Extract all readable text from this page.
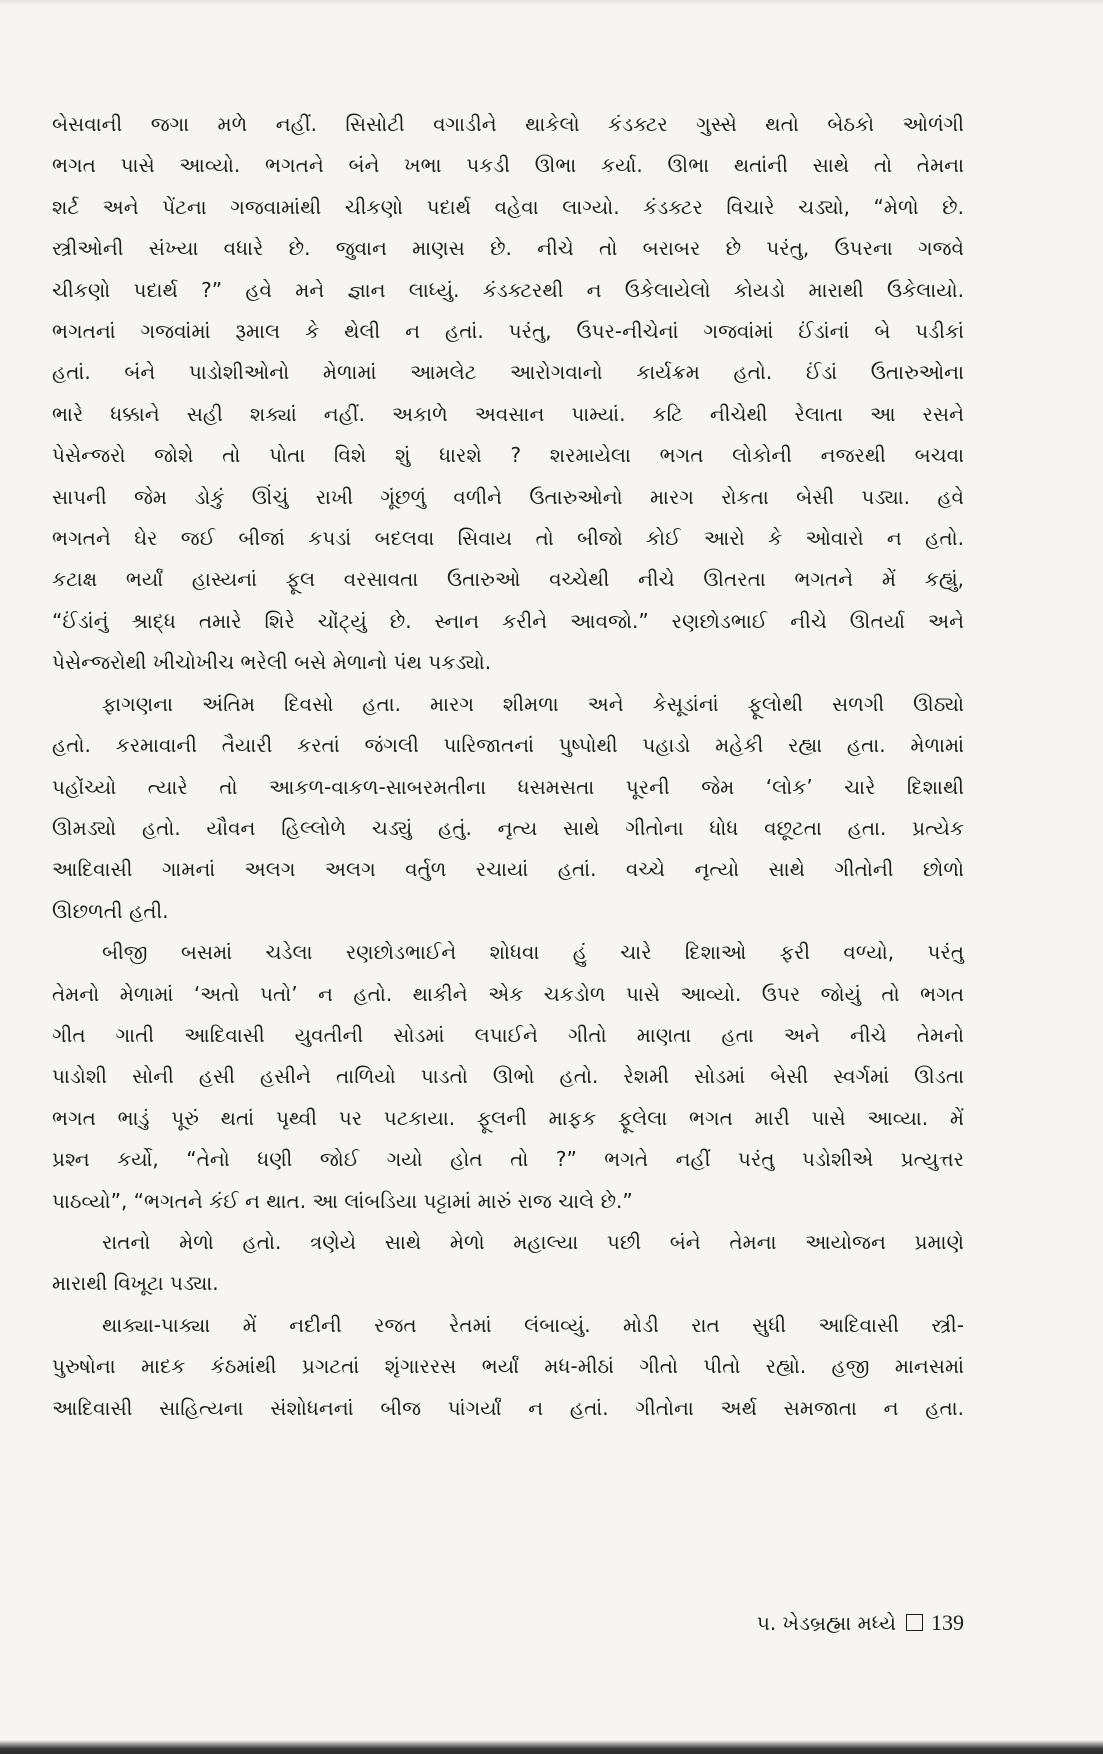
બેસવાની જગા મળે નહીં. સિસોટી વગાડીને થાકેલો કંડક્ટર ગુસ્સે થતો બેઠકો ઓળંગી
ભગત પાસે આવ્યો. ભગતને બંને ખભા પકડી ઊભા કર્યા. ઊભા થતાંની સાથે તો તેમના
શર્ટ અને પેંટના ગજવામાંથી ચીકણો પદાર્થ વહેવા લાગ્યો. કંડક્ટર વિચારે ચડ્યો, “મેળો છે.
સ્ત્રીઓની સંખ્યા વધારે છે. જુવાન માણસ છે. નીચે તો બરાબર છે પરંતુ, ઉપરના ગજવે
ચીકણો પદાર્થ ?” હવે મને જ્ઞાન લાધ્યું. કંડક્ટરથી ન ઉકેલાયેલો કોયડો મારાથી ઉકેલાયો.
ભગતનાં ગજવાંમાં રૂમાલ કે થેલી ન હતાં. પરંતુ, ઉપર-નીચેનાં ગજવાંમાં ઈંડાંનાં બે પડીકાં
હતાં. બંને પાડોશીઓનો મેળામાં આમલેટ આરોગવાનો કાર્યક્રમ હતો. ઈંડાં ઉતારુઓના
ભારે ધક્કાને સહી શક્યાં નહીં. અકાળે અવસાન પામ્યાં. કટિ નીચેથી રેલાતા આ રસને
પેસેન્જરો જોશે તો પોતા વિશે શું ધારશે ? શરમાયેલા ભગત લોકોની નજરથી બચવા
સાપની જેમ ડોકું ઊંચું રાખી ગૂંછળું વળીને ઉતારુઓનો મારગ રોકતા બેસી પડ્યા. હવે
ભગતને ઘેર જઈ બીજાં કપડાં બદલવા સિવાય તો બીજો કોઈ આરો કે ઓવારો ન હતો.
કટાક્ષ ભર્યાં હાસ્યનાં ફૂલ વરસાવતા ઉતારુઓ વચ્ચેથી નીચે ઊતરતા ભગતને મેં કહ્યું,
“ઈંડાંનું શ્રાદ્ધ તમારે શિરે ચોંટ્યું છે. સ્નાન કરીને આવજો.” રણછોડભાઈ નીચે ઊતર્યા અને
પેસેન્જરોથી ખીચોખીચ ભરેલી બસે મેળાનો પંથ પકડ્યો.

ફાગણના અંતિમ દિવસો હતા. મારગ શીમળા અને કેસૂડાંનાં ફૂલોથી સળગી ઊઠ્યો
હતો. કરમાવાની તૈયારી કરતાં જંગલી પારિજાતનાં પુષ્પોથી પહાડો મહેકી રહ્યા હતા. મેળામાં
પહોંચ્યો ત્યારે તો આકળ-વાકળ-સાબરમતીના ધસમસતા પૂરની જેમ ‘લોક’ ચારે દિશાથી
ઊમડ્યો હતો. યૌવન હિલ્લોળે ચડ્યું હતું. નૃત્ય સાથે ગીતોના ધોધ વછૂટતા હતા. પ્રત્યેક
આદિવાસી ગામનાં અલગ અલગ વર્તુળ રચાયાં હતાં. વચ્ચે નૃત્યો સાથે ગીતોની છોળો
ઊછળતી હતી.

બીજી બસમાં ચડેલા રણછોડભાઈને શોધવા હું ચારે દિશાઓ ફરી વળ્યો, પરંતુ
તેમનો મેળામાં ‘અતો પતો’ ન હતો. થાકીને એક ચકડોળ પાસે આવ્યો. ઉપર જોયું તો ભગત
ગીત ગાતી આદિવાસી યુવતીની સોડમાં લપાઈને ગીતો માણતા હતા અને નીચે તેમનો
પાડોશી સોની હસી હસીને તાળિયો પાડતો ઊભો હતો. રેશમી સોડમાં બેસી સ્વર્ગમાં ઊડતા
ભગત ભાડું પૂરું થતાં પૃથ્વી પર પટકાયા. ફૂલની માફક ફૂલેલા ભગત મારી પાસે આવ્યા. મેં
પ્રશ્ન કર્યો, “તેનો ધણી જોઈ ગયો હોત તો ?” ભગતે નહીં પરંતુ પડોશીએ પ્રત્યુત્તર
પાઠવ્યો”, “ભગતને કંઈ ન થાત. આ લાંબડિયા પટ્ટામાં મારું રાજ ચાલે છે.”

રાતનો મેળો હતો. ત્રણેયે સાથે મેળો મહાલ્યા પછી બંને તેમના આયોજન પ્રમાણે
મારાથી વિખૂટા પડ્યા.

થાક્યા-પાક્યા મેં નદીની રજત રેતમાં લંબાવ્યું. મોડી રાત સુધી આદિવાસી સ્ત્રી-
પુરુષોના માદક કંઠમાંથી પ્રગટતાં શૃંગારરસ ભર્યાં મધ-મીઠાં ગીતો પીતો રહ્યો. હજી માનસમાં
આદિવાસી સાહિત્યના સંશોધનનાં બીજ પાંગર્યાં ન હતાં. ગીતોના અર્થ સમજાતા ન હતા.

૫. ખેડબ્રહ્મા મધ્યે 139
